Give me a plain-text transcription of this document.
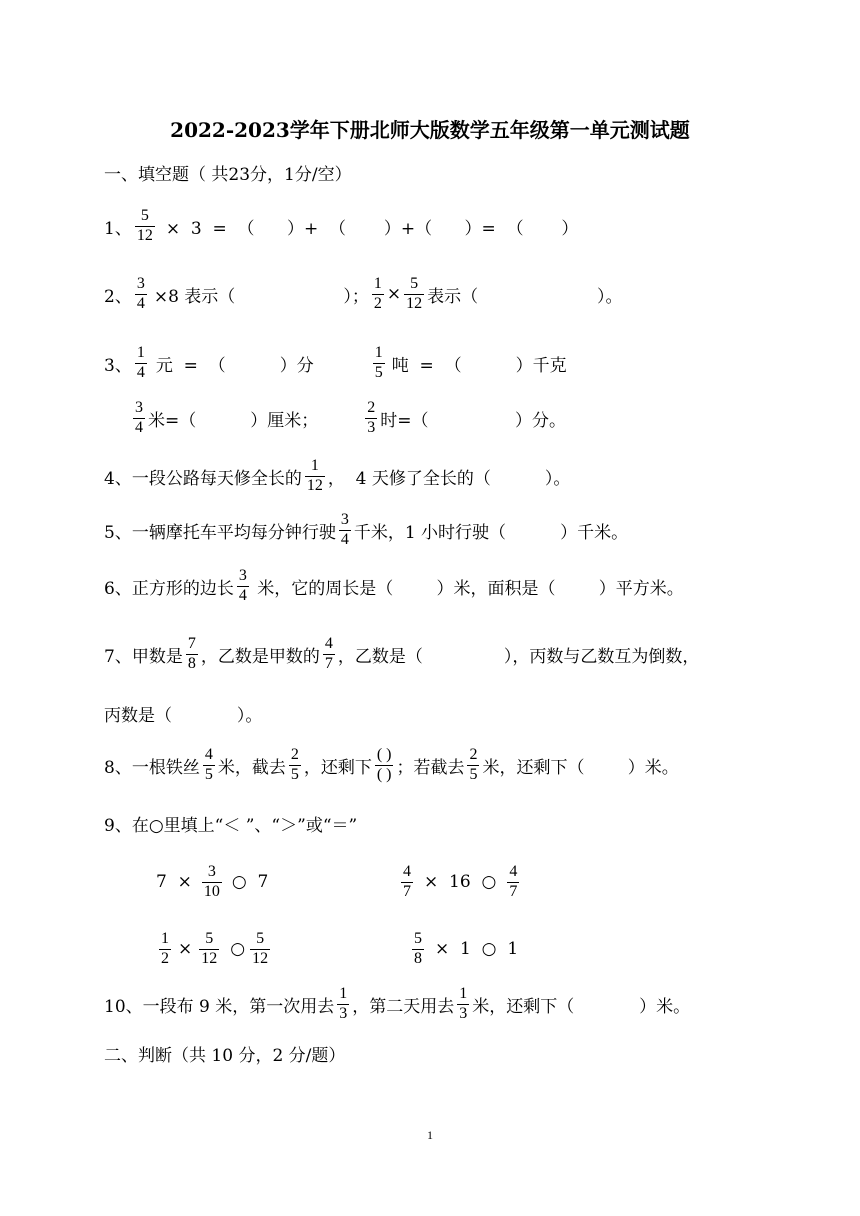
2022-2023学年下册北师大版数学五年级第一单元测试题
一、填空题（ 共23分，1分/空）
1、 $\frac{5}{12} \times 3$  =  （      ）+  （       ）+（      ）=  （       ）
2、 $\frac{3}{4} \times 8$ 表示（                    ）； $\frac{1}{2} \times \frac{5}{12}$ 表示（                      ）。
3、 $\frac{1}{4}$ 元  =  （          ）分	$\frac{1}{5}$ 吨  =  （          ）千克
$\frac{3}{4}$ 米=（          ）厘米；	$\frac{2}{3}$ 时=（                ）分。
4、一段公路每天修全长的 $\frac{1}{12}$ ，  4 天修了全长的（          ）。
5、一辆摩托车平均每分钟行驶 $\frac{3}{4}$ 千米，1 小时行驶（          ）千米。
6、正方形的边长 $\frac{3}{4}$ 米，它的周长是（        ）米，面积是（        ）平方米。
7、甲数是 $\frac{7}{8}$ ，乙数是甲数的 $\frac{4}{7}$ ，乙数是（               ），丙数与乙数互为倒数，
丙数是（            ）。
8、一根铁丝 $\frac{4}{5}$ 米，截去 $\frac{2}{5}$ ，还剩下 $\frac{( )}{( )}$ ；若截去 $\frac{2}{5}$ 米，还剩下（        ）米。
9、在○里填上“＜ ”、“＞”或“＝”
$7 \times \frac{3}{10}$ ○  7	$\frac{4}{7} \times 16$  ○ $\frac{4}{7}$
$\frac{1}{2} \times \frac{5}{12}$ ○ $\frac{5}{12}$	$\frac{5}{8} \times 1$  ○  1
10、一段布 9 米，第一次用去 $\frac{1}{3}$ ，第二天用去 $\frac{1}{3}$ 米，还剩下（            ）米。
二、判断（共 10 分，2 分/题）
1
